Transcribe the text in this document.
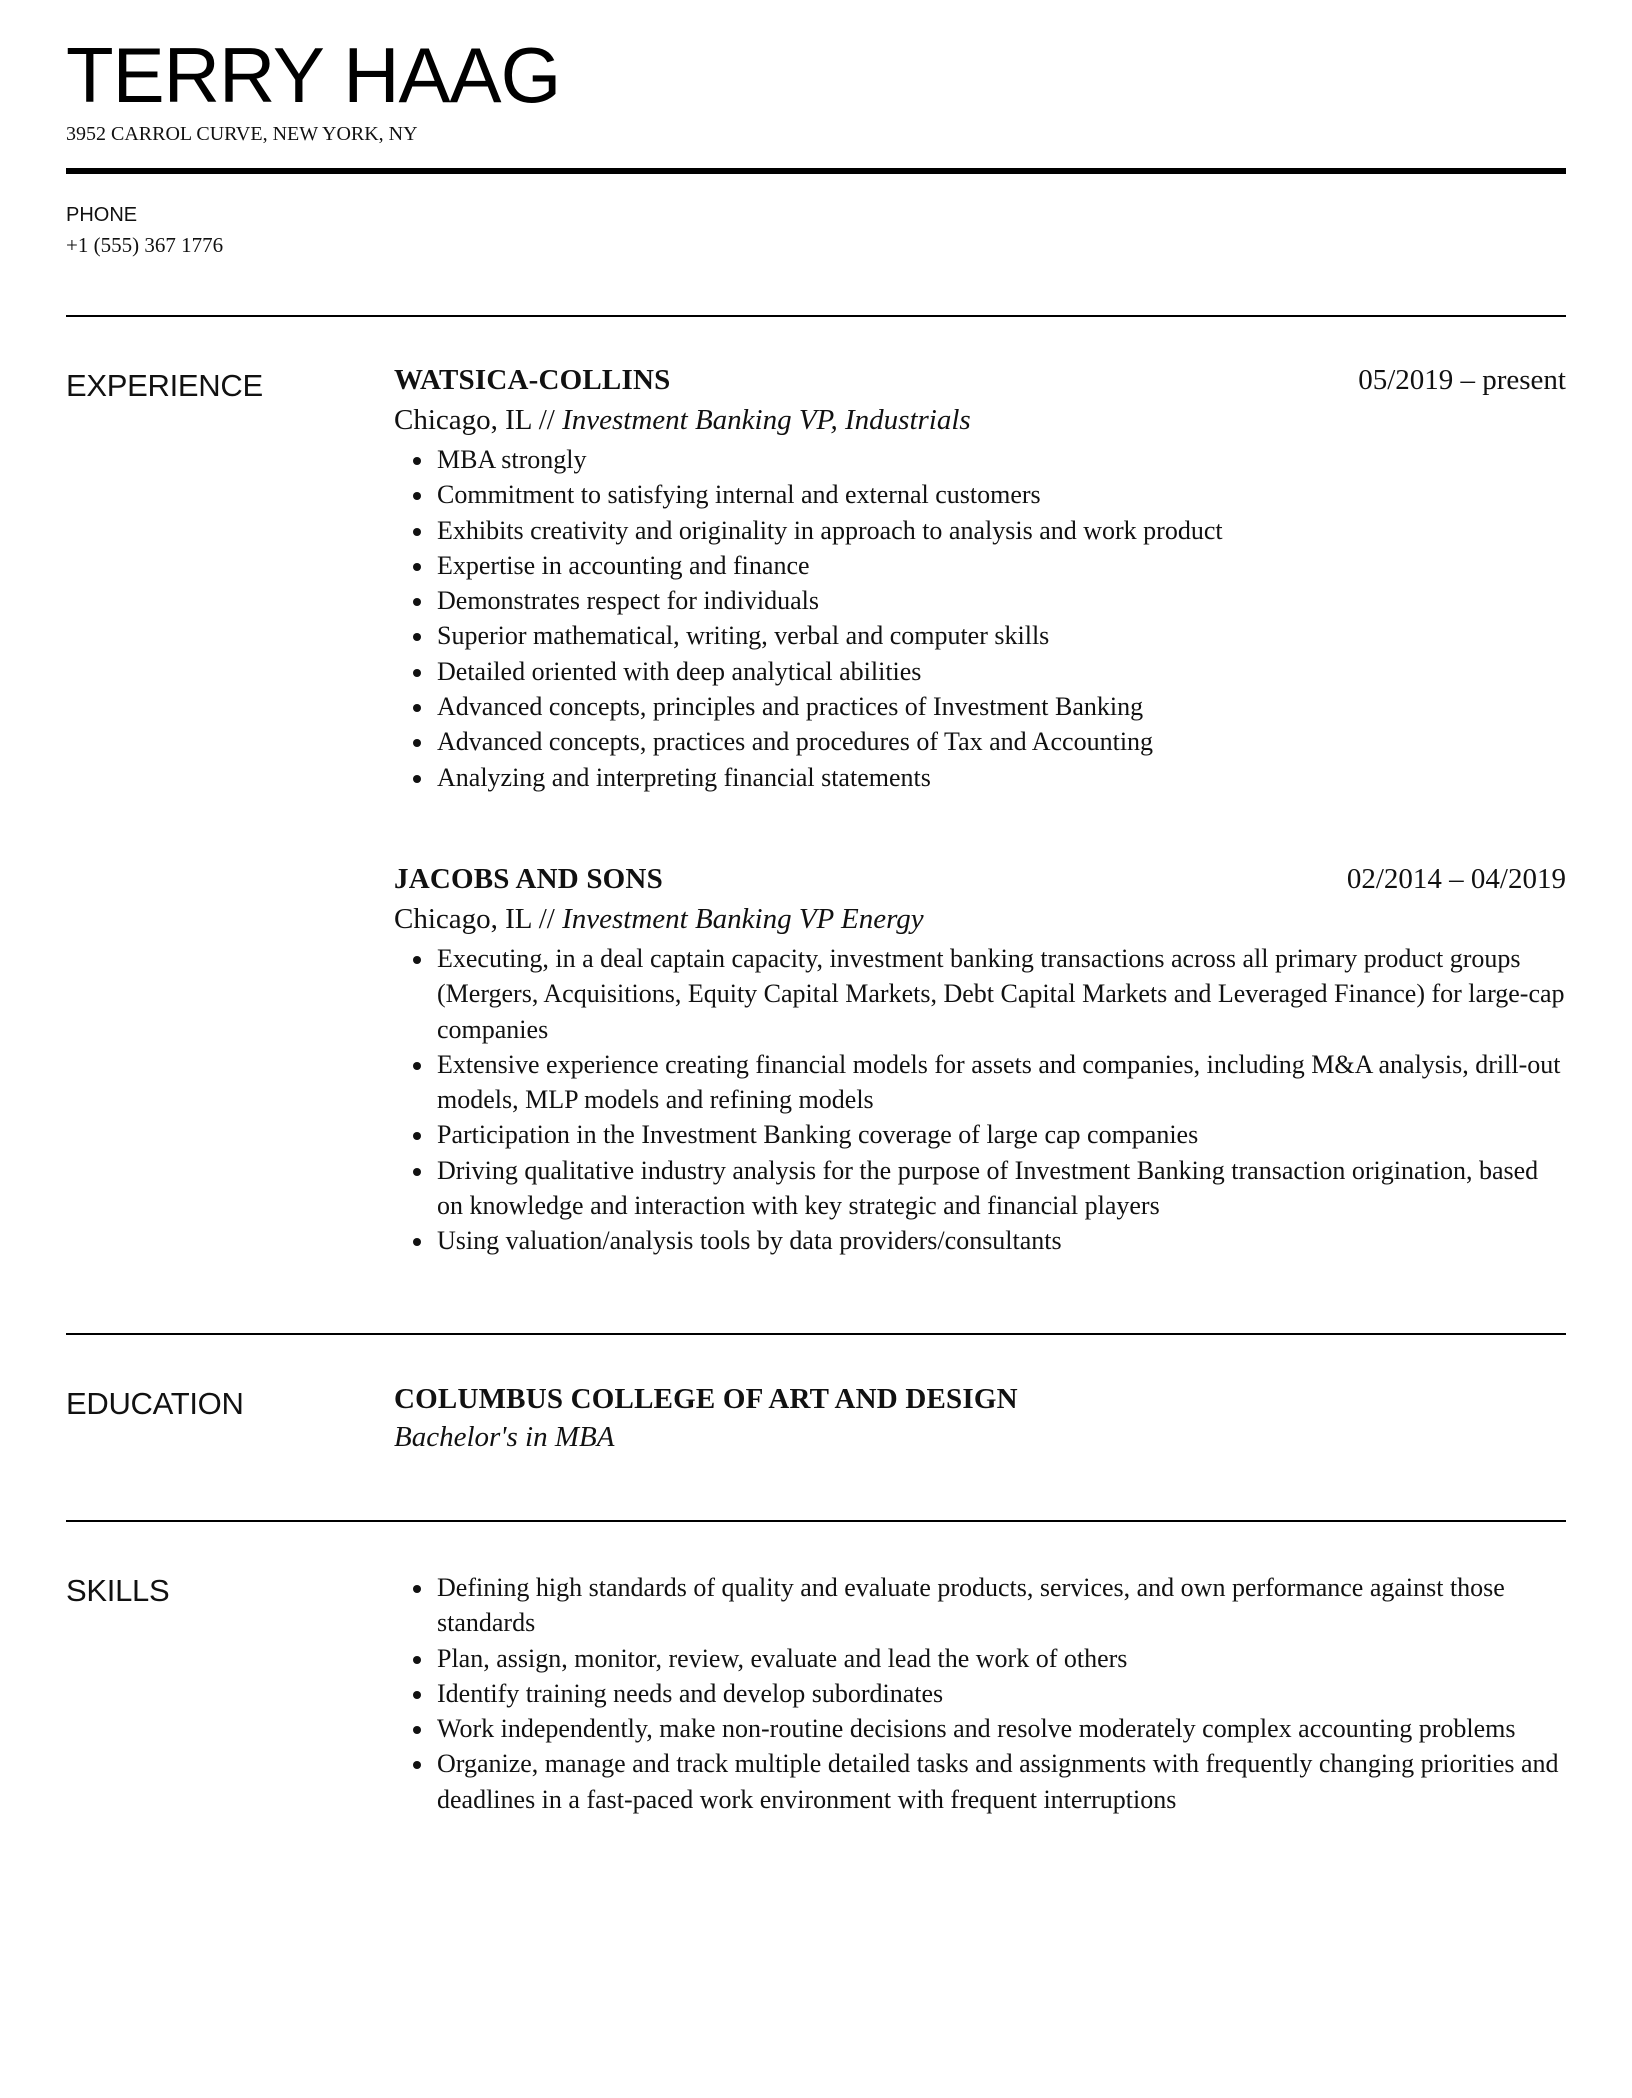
TERRY HAAG
3952 CARROL CURVE, NEW YORK, NY
PHONE
+1 (555) 367 1776
EXPERIENCE	WATSICA-COLLINS	05/2019 – present
Chicago, IL // Investment Banking VP, Industrials
MBA strongly
Commitment to satisfying internal and external customers
Exhibits creativity and originality in approach to analysis and work product
Expertise in accounting and finance
Demonstrates respect for individuals
Superior mathematical, writing, verbal and computer skills
Detailed oriented with deep analytical abilities
Advanced concepts, principles and practices of Investment Banking
Advanced concepts, practices and procedures of Tax and Accounting
Analyzing and interpreting financial statements
JACOBS AND SONS	02/2014 – 04/2019
Chicago, IL // Investment Banking VP Energy
Executing, in a deal captain capacity, investment banking transactions across all primary product groups (Mergers, Acquisitions, Equity Capital Markets, Debt Capital Markets and Leveraged Finance) for large-cap companies
Extensive experience creating financial models for assets and companies, including M&A analysis, drill-out models, MLP models and refining models
Participation in the Investment Banking coverage of large cap companies
Driving qualitative industry analysis for the purpose of Investment Banking transaction origination, based on knowledge and interaction with key strategic and financial players
Using valuation/analysis tools by data providers/consultants
EDUCATION	COLUMBUS COLLEGE OF ART AND DESIGN
Bachelor's in MBA
SKILLS	Defining high standards of quality and evaluate products, services, and own performance against those standards
Plan, assign, monitor, review, evaluate and lead the work of others
Identify training needs and develop subordinates
Work independently, make non-routine decisions and resolve moderately complex accounting problems
Organize, manage and track multiple detailed tasks and assignments with frequently changing priorities and deadlines in a fast-paced work environment with frequent interruptions
